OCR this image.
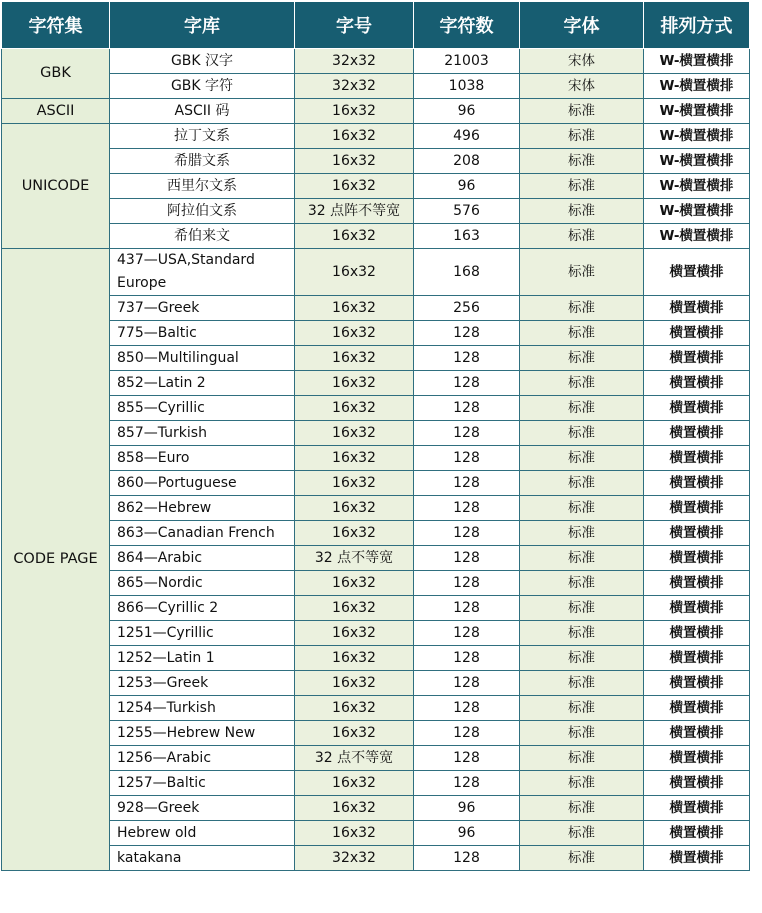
字符集	字库	字号	字符数	字体	排列方式
GBK	GBK 汉字	32x32	21003	宋体	W-横置横排
	GBK 字符	32x32	1038	宋体	W-横置横排
ASCII	ASCII 码	16x32	96	标准	W-横置横排
UNICODE	拉丁文系	16x32	496	标准	W-横置横排
	希腊文系	16x32	208	标准	W-横置横排
	西里尔文系	16x32	96	标准	W-横置横排
	阿拉伯文系	32 点阵不等宽	576	标准	W-横置横排
	希伯来文	16x32	163	标准	W-横置横排
CODE PAGE	437—USA,Standard Europe	16x32	168	标准	横置横排
	737—Greek	16x32	256	标准	横置横排
	775—Baltic	16x32	128	标准	横置横排
	850—Multilingual	16x32	128	标准	横置横排
	852—Latin 2	16x32	128	标准	横置横排
	855—Cyrillic	16x32	128	标准	横置横排
	857—Turkish	16x32	128	标准	横置横排
	858—Euro	16x32	128	标准	横置横排
	860—Portuguese	16x32	128	标准	横置横排
	862—Hebrew	16x32	128	标准	横置横排
	863—Canadian French	16x32	128	标准	横置横排
	864—Arabic	32 点不等宽	128	标准	横置横排
	865—Nordic	16x32	128	标准	横置横排
	866—Cyrillic 2	16x32	128	标准	横置横排
	1251—Cyrillic	16x32	128	标准	横置横排
	1252—Latin 1	16x32	128	标准	横置横排
	1253—Greek	16x32	128	标准	横置横排
	1254—Turkish	16x32	128	标准	横置横排
	1255—Hebrew New	16x32	128	标准	横置横排
	1256—Arabic	32 点不等宽	128	标准	横置横排
	1257—Baltic	16x32	128	标准	横置横排
	928—Greek	16x32	96	标准	横置横排
	Hebrew old	16x32	96	标准	横置横排
	katakana	32x32	128	标准	横置横排
